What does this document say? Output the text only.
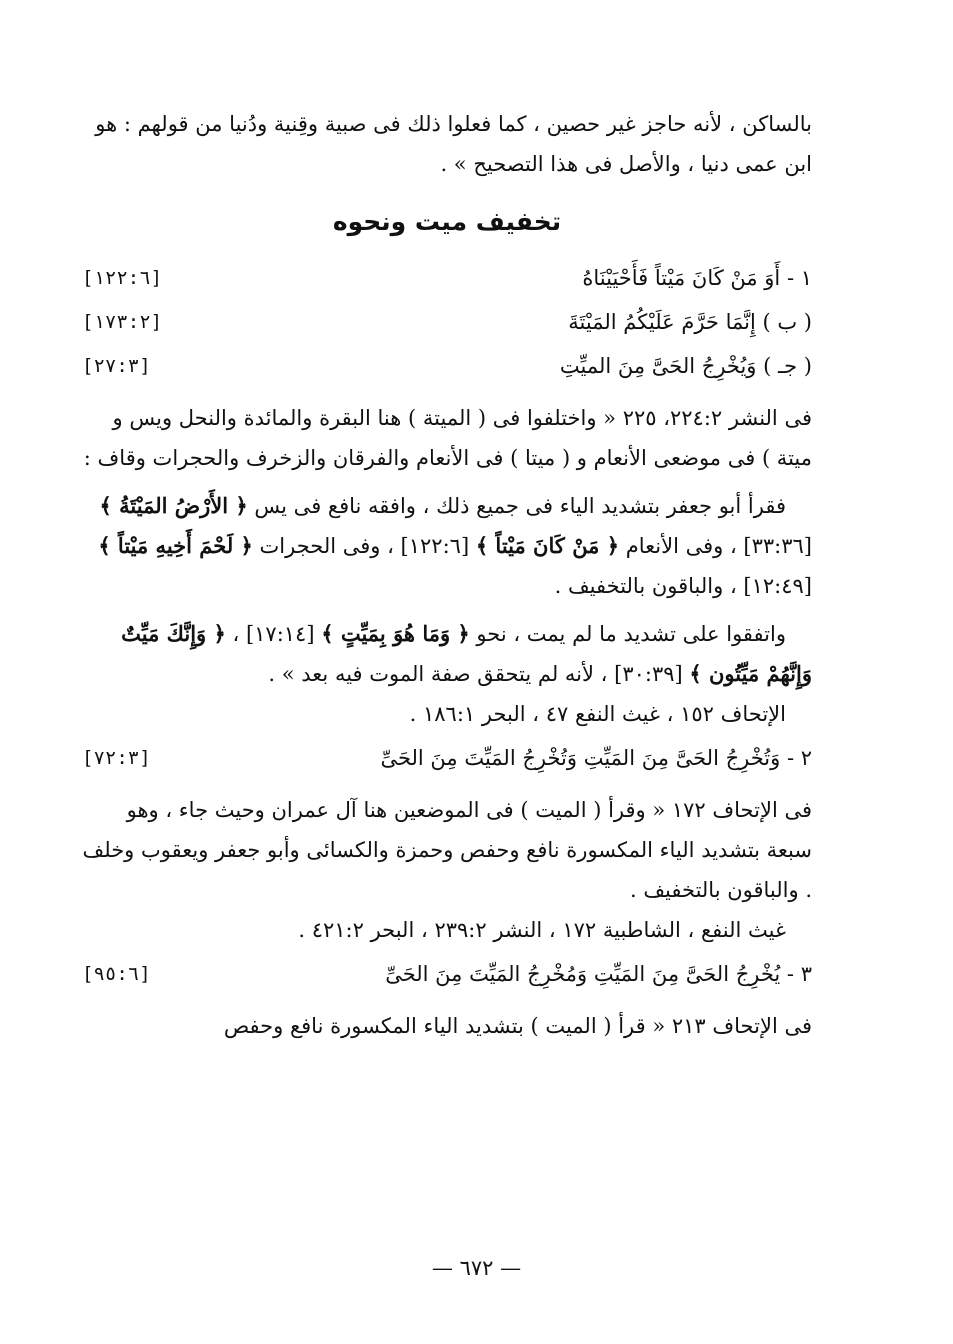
بالساكن ، لأنه حاجز غير حصين ، كما فعلوا ذلك فى صبية وقِنية ودُنيا من قولهم : هو ابن عمى دنيا ، والأصل فى هذا التصحيح » .

تخفيف ميت ونحوه
١ - أَوَ مَنْ كَانَ مَيْتاً فَأَحْيَيْنَاهُ
[١٢٢:٦]
( ب ) إِنَّمَا حَرَّمَ عَلَيْكُمُ المَيْتَةَ
[١٧٣:٢]
( جـ ) وَيُخْرِجُ الحَىَّ مِنَ الميِّتِ
[٢٧:٣]

فى النشر ٢٢٤:٢، ٢٢٥ « واختلفوا فى ( الميتة ) هنا البقرة والمائدة والنحل ويس و ميتة ) فى موضعى الأنعام و ( ميتا ) فى الأنعام والفرقان والزخرف والحجرات وقاف :

فقرأ أبو جعفر بتشديد الياء فى جميع ذلك ، وافقه نافع فى يس ﴿ الأَرْضُ المَيْتَةُ ﴾ [٣٣:٣٦] ، وفى الأنعام ﴿ مَنْ كَانَ مَيْتاً ﴾ [١٢٢:٦] ، وفى الحجرات ﴿ لَحْمَ أَخِيهِ مَيْتاً ﴾ [١٢:٤٩] ، والباقون بالتخفيف .

واتفقوا على تشديد ما لم يمت ، نحو ﴿ وَمَا هُوَ بِمَيِّتٍ ﴾ [١٧:١٤] ، ﴿ وَإِنَّكَ مَيِّتٌ وَإِنَّهُمْ مَيِّتُون ﴾ [٣٠:٣٩] ، لأنه لم يتحقق صفة الموت فيه بعد » .

الإتحاف ١٥٢ ، غيث النفع ٤٧ ، البحر ١٨٦:١ .

٢ - وَتُخْرِجُ الحَىَّ مِنَ المَيِّتِ وَتُخْرِجُ المَيِّتَ مِنَ الحَىِّ
[٧٢:٣]

فى الإتحاف ١٧٢ « وقرأ ( الميت ) فى الموضعين هنا آل عمران وحيث جاء ، وهو سبعة بتشديد الياء المكسورة نافع وحفص وحمزة والكسائى وأبو جعفر ويعقوب وخلف . والباقون بالتخفيف .

غيث النفع ، الشاطبية ١٧٢ ، النشر ٢٣٩:٢ ، البحر ٤٢١:٢ .

٣ - يُخْرِجُ الحَىَّ مِنَ المَيِّتِ وَمُخْرِجُ المَيِّتَ مِنَ الحَىِّ
[٩٥:٦]

فى الإتحاف ٢١٣ « قرأ ( الميت ) بتشديد الياء المكسورة نافع وحفص

— ٦٧٢ —
